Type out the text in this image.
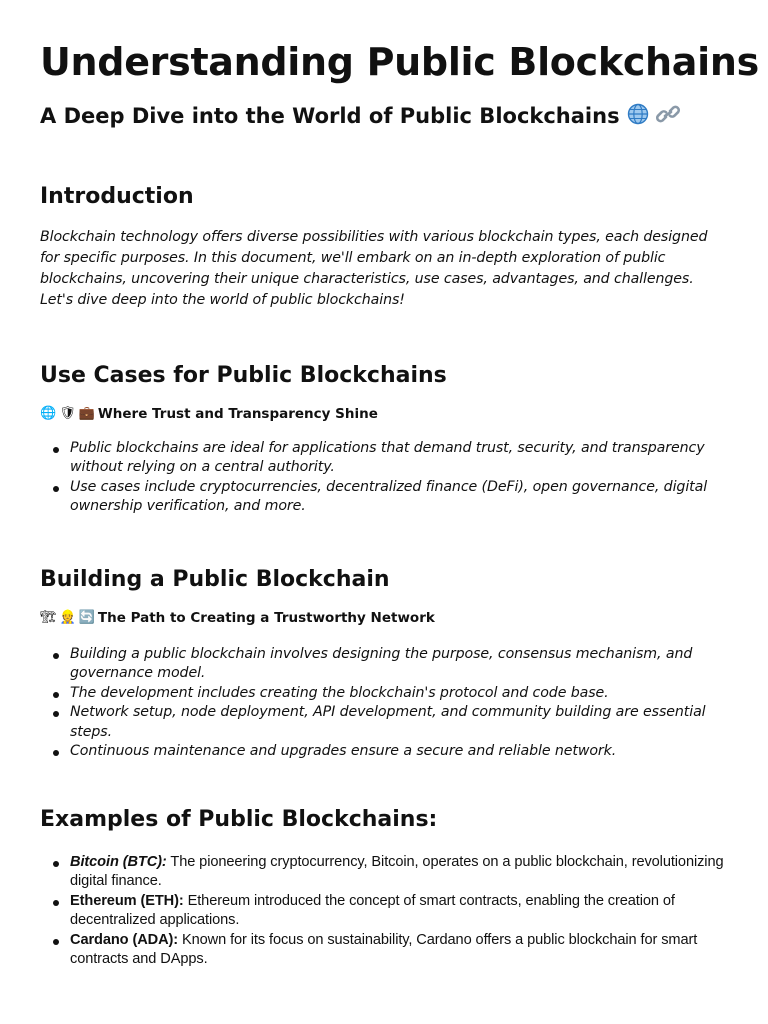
Understanding Public Blockchains
A Deep Dive into the World of Public Blockchains
Introduction

Blockchain technology offers diverse possibilities with various blockchain types, each designed for specific purposes. In this document, we'll embark on an in-depth exploration of public blockchains, uncovering their unique characteristics, use cases, advantages, and challenges. Let's dive deep into the world of public blockchains!

Use Cases for Public Blockchains
🌐 🛡 💼 Where Trust and Transparency Shine
Public blockchains are ideal for applications that demand trust, security, and transparency without relying on a central authority.
Use cases include cryptocurrencies, decentralized finance (DeFi), open governance, digital ownership verification, and more.
Building a Public Blockchain
🏗 👷 🔄 The Path to Creating a Trustworthy Network
Building a public blockchain involves designing the purpose, consensus mechanism, and governance model.
The development includes creating the blockchain's protocol and code base.
Network setup, node deployment, API development, and community building are essential steps.
Continuous maintenance and upgrades ensure a secure and reliable network.
Examples of Public Blockchains:
Bitcoin (BTC): The pioneering cryptocurrency, Bitcoin, operates on a public blockchain, revolutionizing digital finance.
Ethereum (ETH): Ethereum introduced the concept of smart contracts, enabling the creation of decentralized applications.
Cardano (ADA): Known for its focus on sustainability, Cardano offers a public blockchain for smart contracts and DApps.
